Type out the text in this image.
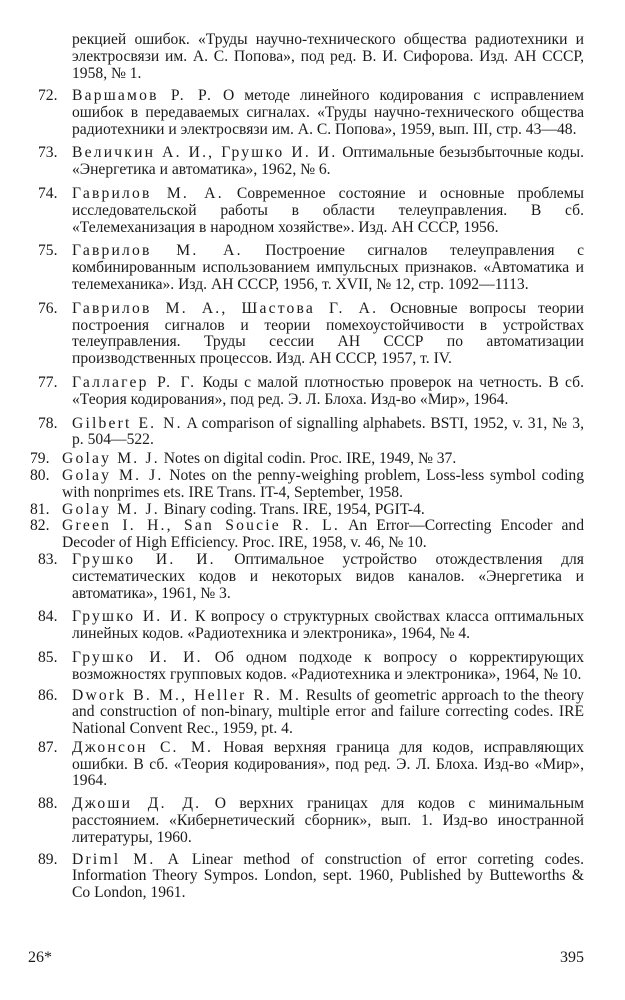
рекцией ошибок. «Труды научно-технического общества радиотехники и электросвязи им. А. С. Попова», под ред. В. И. Сифорова. Изд. АН СССР, 1958, № 1.
72. Варшамов Р. Р. О методе линейного кодирования с исправлением ошибок в передаваемых сигналах. «Труды научно-технического общества радиотехники и электросвязи им. А. С. Попова», 1959, вып. III, стр. 43—48.
73. Величкин А. И., Грушко И. И. Оптимальные безызбыточные коды. «Энергетика и автоматика», 1962, № 6.
74. Гаврилов М. А. Современное состояние и основные проблемы исследовательской работы в области телеуправления. В сб. «Телемеханизация в народном хозяйстве». Изд. АН СССР, 1956.
75. Гаврилов М. А. Построение сигналов телеуправления с комбинированным использованием импульсных признаков. «Автоматика и телемеханика». Изд. АН СССР, 1956, т. XVII, № 12, стр. 1092—1113.
76. Гаврилов М. А., Шастова Г. А. Основные вопросы теории построения сигналов и теории помехоустойчивости в устройствах телеуправления. Труды сессии АН СССР по автоматизации производственных процессов. Изд. АН СССР, 1957, т. IV.
77. Галлагер Р. Г. Коды с малой плотностью проверок на четность. В сб. «Теория кодирования», под ред. Э. Л. Блоха. Изд-во «Мир», 1964.
78. Gilbert E. N. A comparison of signalling alphabets. BSTI, 1952, v. 31, № 3, p. 504—522.
79. Golay M. J. Notes on digital codin. Proc. IRE, 1949, № 37.
80. Golay M. J. Notes on the penny-weighing problem, Loss-less symbol coding with nonprimes ets. IRE Trans. IT-4, September, 1958.
81. Golay M. J. Binary coding. Trans. IRE, 1954, PGIT-4.
82. Green I. H., San Soucie R. L. An Error—Correcting Encoder and Decoder of High Efficiency. Proc. IRE, 1958, v. 46, № 10.
83. Грушко И. И. Оптимальное устройство отождествления для систематических кодов и некоторых видов каналов. «Энергетика и автоматика», 1961, № 3.
84. Грушко И. И. К вопросу о структурных свойствах класса оптимальных линейных кодов. «Радиотехника и электроника», 1964, № 4.
85. Грушко И. И. Об одном подходе к вопросу о корректирующих возможностях групповых кодов. «Радиотехника и электроника», 1964, № 10.
86. Dwork B. M., Heller R. M. Results of geometric approach to the theory and construction of non-binary, multiple error and failure correcting codes. IRE National Convent Rec., 1959, pt. 4.
87. Джонсон С. М. Новая верхняя граница для кодов, исправляющих ошибки. В сб. «Теория кодирования», под ред. Э. Л. Блоха. Изд-во «Мир», 1964.
88. Джоши Д. Д. О верхних границах для кодов с минимальным расстоянием. «Кибернетический сборник», вып. 1. Изд-во иностранной литературы, 1960.
89. Driml M. A Linear method of construction of error correting codes. Information Theory Sympos. London, sept. 1960, Published by Butteworths & Co London, 1961.
26*	395
